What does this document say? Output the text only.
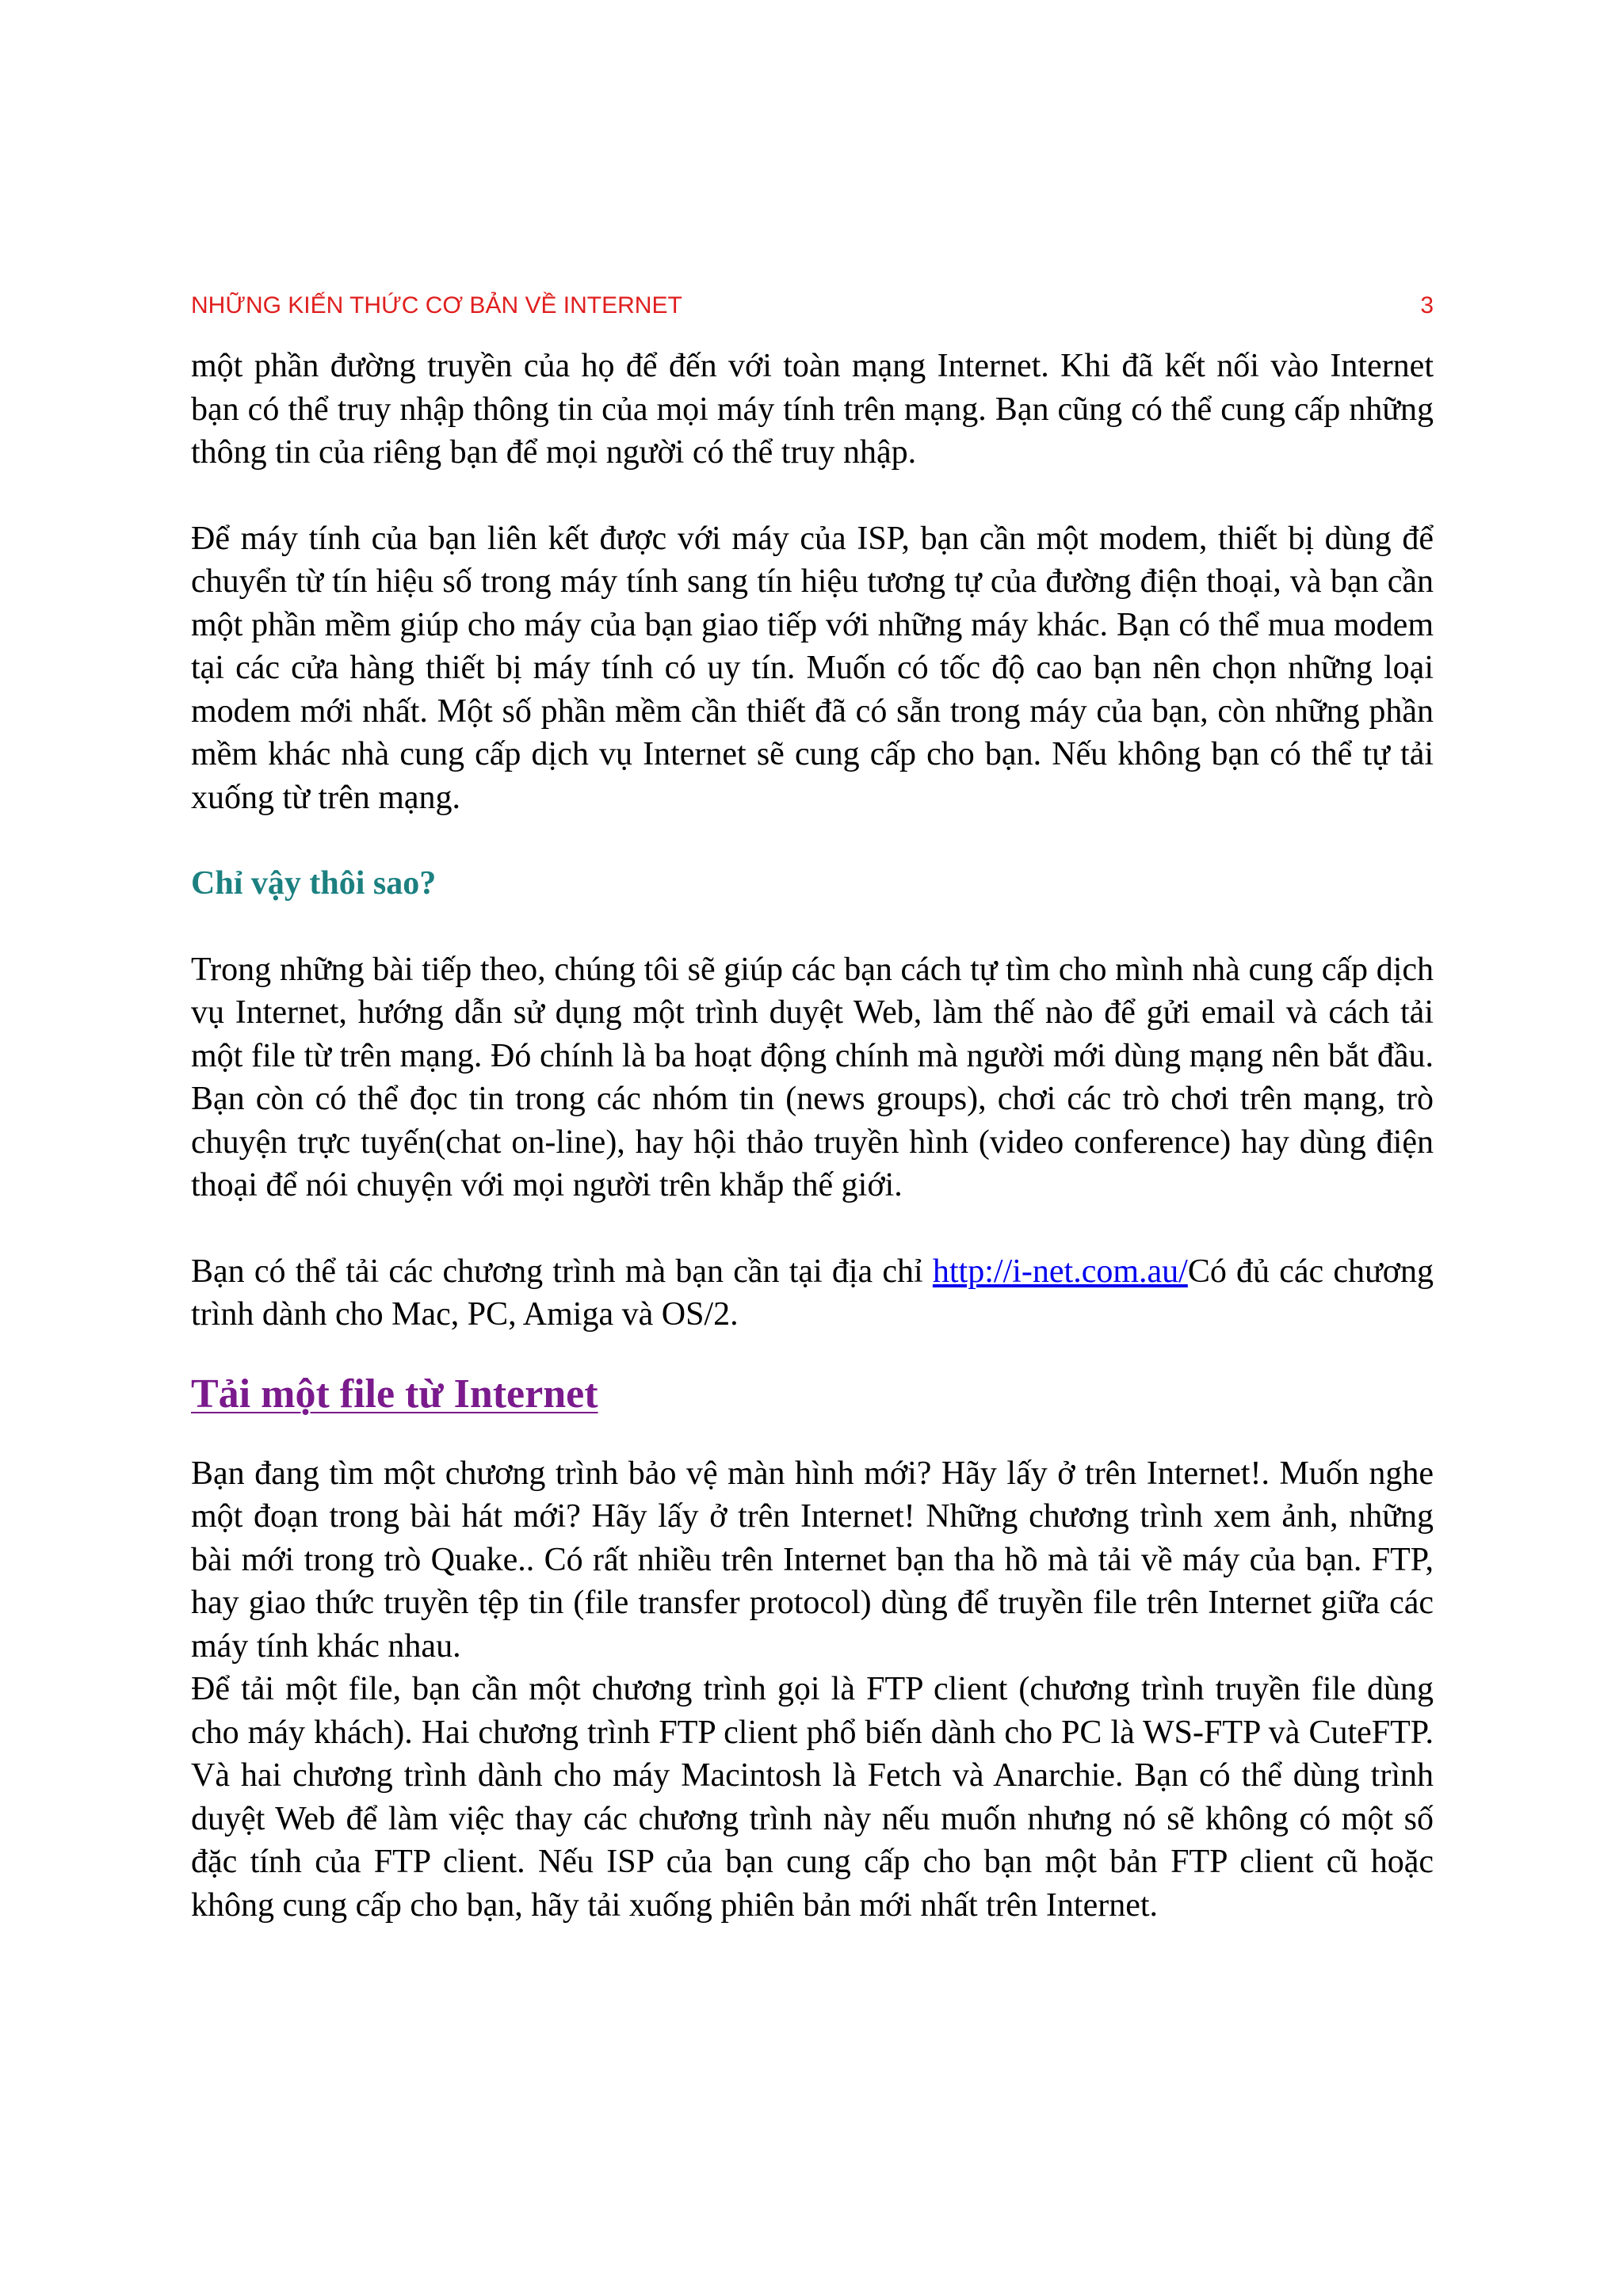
NHỮNG KIẾN THỨC CƠ BẢN VỀ INTERNET	3

một phần đường truyền của họ để đến với toàn mạng Internet. Khi đã kết nối vào Internet bạn có thể truy nhập thông tin của mọi máy tính trên mạng. Bạn cũng có thể cung cấp những thông tin của riêng bạn để mọi người có thể truy nhập.

Để máy tính của bạn liên kết được với máy của ISP, bạn cần một modem, thiết bị dùng để chuyển từ tín hiệu số trong máy tính sang tín hiệu tương tự của đường điện thoại, và bạn cần một phần mềm giúp cho máy của bạn giao tiếp với những máy khác. Bạn có thể mua modem tại các cửa hàng thiết bị máy tính có uy tín. Muốn có tốc độ cao bạn nên chọn những loại modem mới nhất. Một số phần mềm cần thiết đã có sẵn trong máy của bạn, còn những phần mềm khác nhà cung cấp dịch vụ Internet sẽ cung cấp cho bạn. Nếu không bạn có thể tự tải xuống từ trên mạng.

Chỉ vậy thôi sao?

Trong những bài tiếp theo, chúng tôi sẽ giúp các bạn cách tự tìm cho mình nhà cung cấp dịch vụ Internet, hướng dẫn sử dụng một trình duyệt Web, làm thế nào để gửi email và cách tải một file từ trên mạng. Đó chính là ba hoạt động chính mà người mới dùng mạng nên bắt đầu. Bạn còn có thể đọc tin trong các nhóm tin (news groups), chơi các trò chơi trên mạng, trò chuyện trực tuyến(chat on-line), hay hội thảo truyền hình (video conference) hay dùng điện thoại để nói chuyện với mọi người trên khắp thế giới.

Bạn có thể tải các chương trình mà bạn cần tại địa chỉ http://i-net.com.au/Có đủ các chương trình dành cho Mac, PC, Amiga và OS/2.

Tải một file từ Internet

Bạn đang tìm một chương trình bảo vệ màn hình mới? Hãy lấy ở trên Internet!. Muốn nghe một đoạn trong bài hát mới? Hãy lấy ở trên Internet! Những chương trình xem ảnh, những bài mới trong trò Quake.. Có rất nhiều trên Internet bạn tha hồ mà tải về máy của bạn. FTP, hay giao thức truyền tệp tin (file transfer protocol) dùng để truyền file trên Internet giữa các máy tính khác nhau.

Để tải một file, bạn cần một chương trình gọi là FTP client (chương trình truyền file dùng cho máy khách). Hai chương trình FTP client phổ biến dành cho PC là WS-FTP và CuteFTP. Và hai chương trình dành cho máy Macintosh là Fetch và Anarchie. Bạn có thể dùng trình duyệt Web để làm việc thay các chương trình này nếu muốn nhưng nó sẽ không có một số đặc tính của FTP client. Nếu ISP của bạn cung cấp cho bạn một bản FTP client cũ hoặc không cung cấp cho bạn, hãy tải xuống phiên bản mới nhất trên Internet.
